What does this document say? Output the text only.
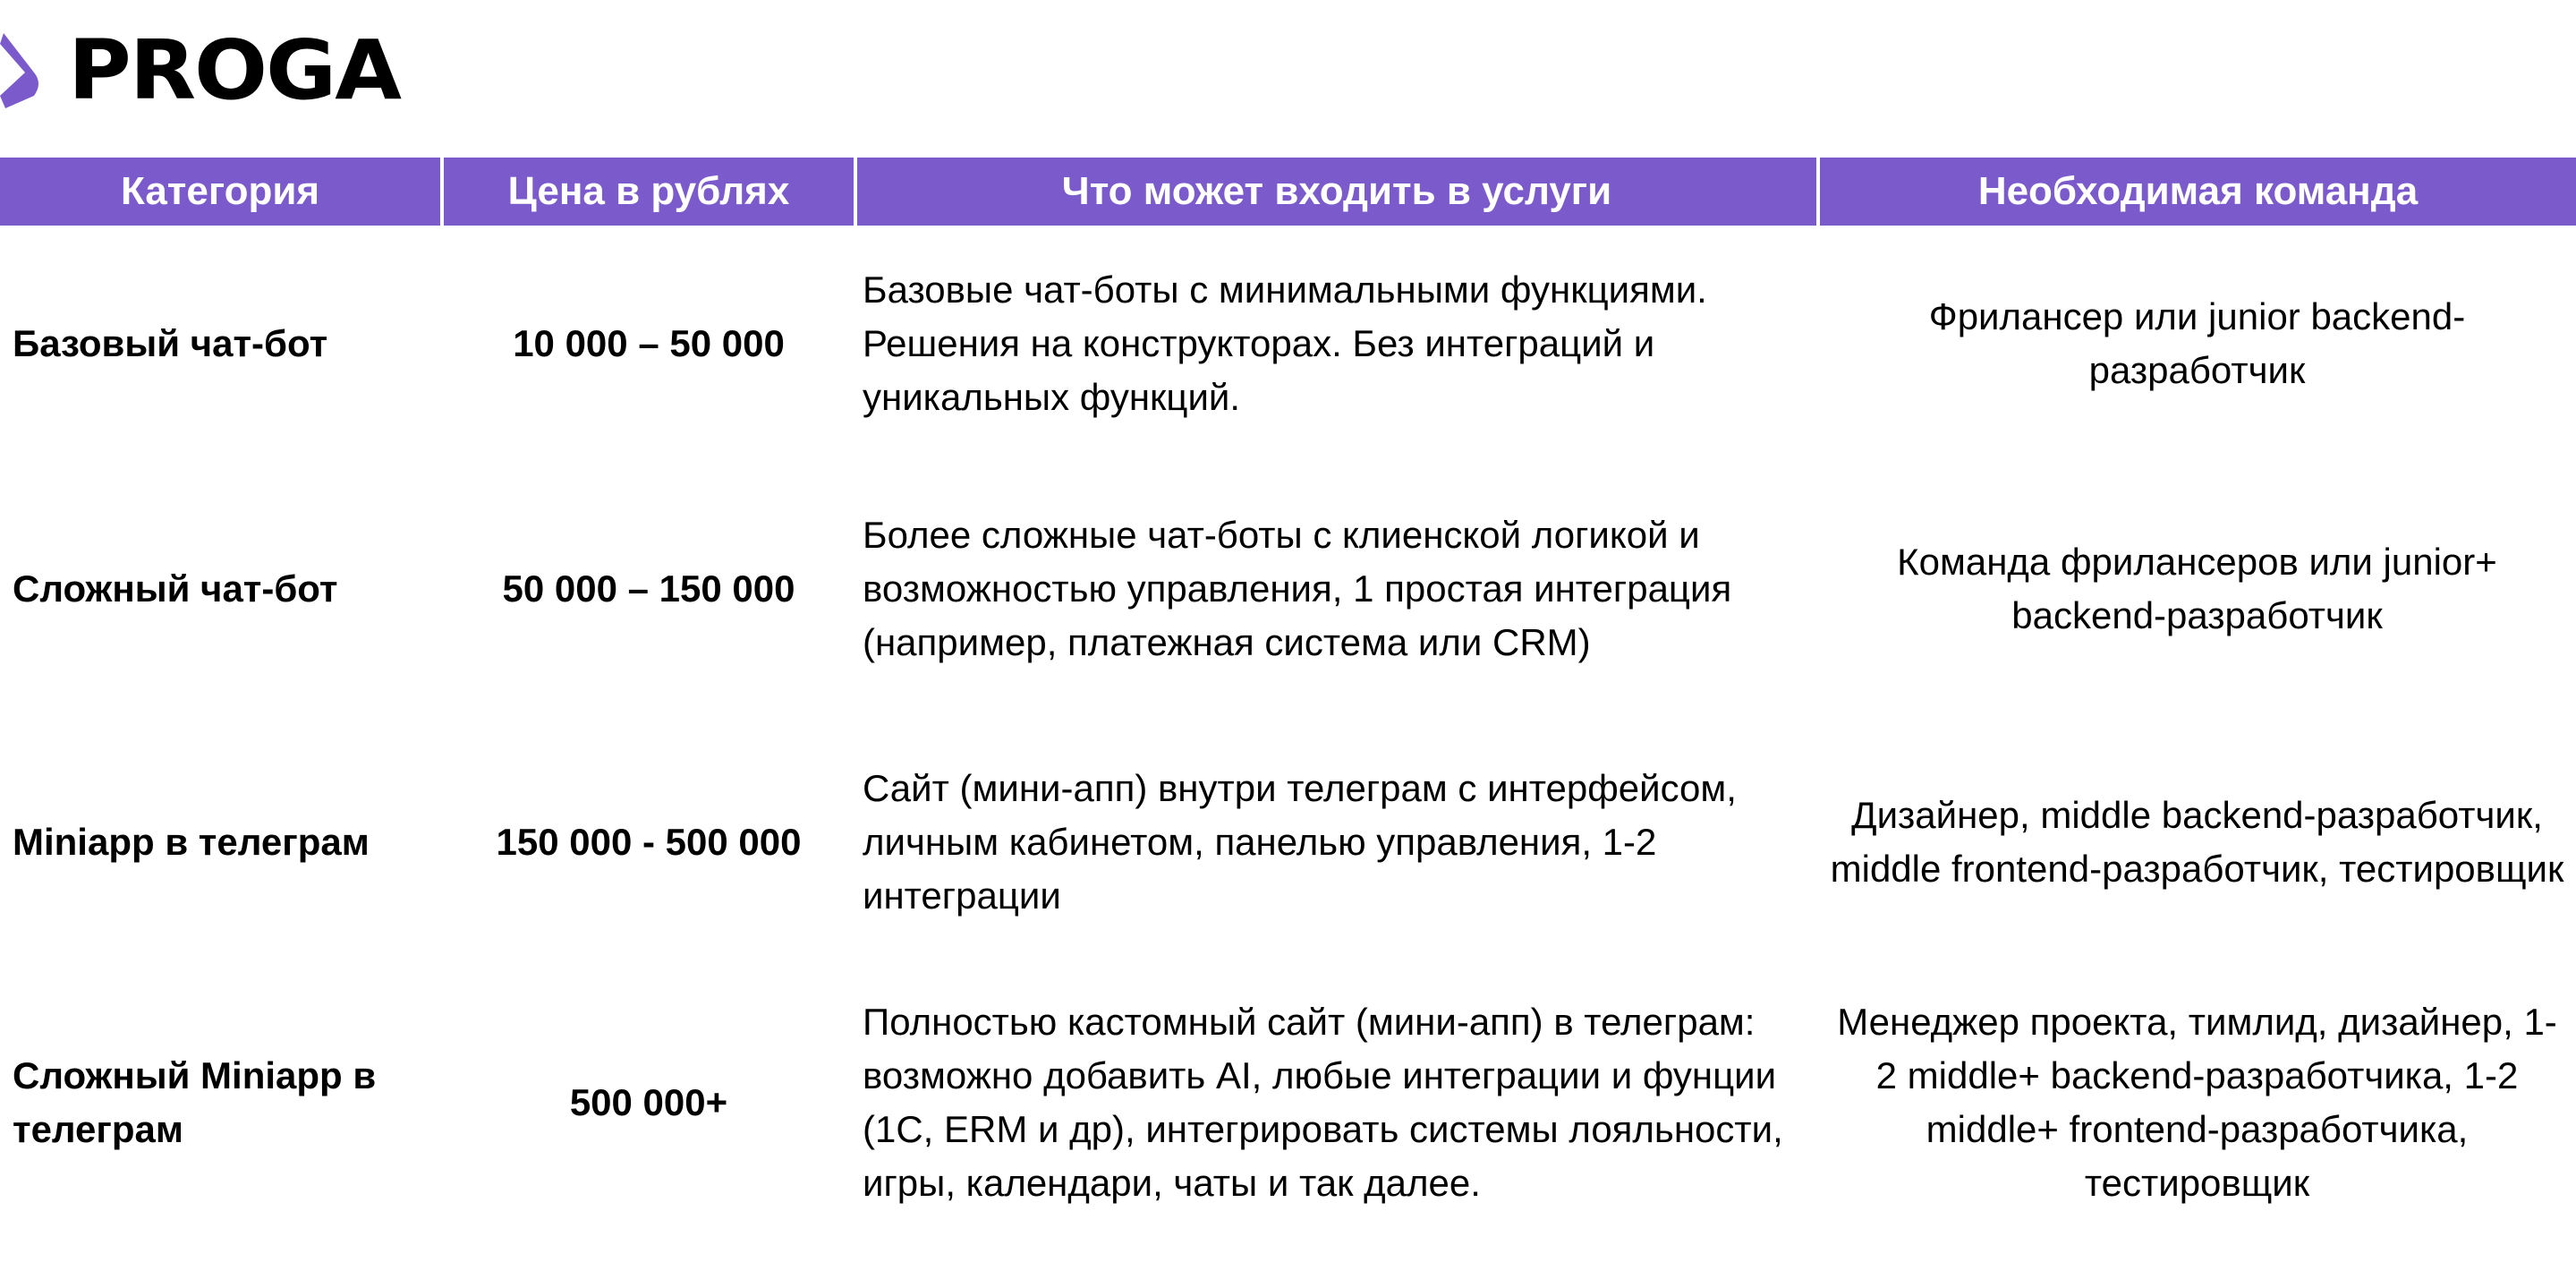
PROGA
Категория	Цена в рублях	Что может входить в услуги	Необходимая команда
Базовый чат-бот	10 000 – 50 000	Базовые чат-боты с минимальными функциями. Решения на конструкторах. Без интеграций и уникальных функций.	Фрилансер или junior backend-разработчик
Сложный чат-бот	50 000 – 150 000	Более сложные чат-боты с клиенской логикой и возможностью управления, 1 простая интеграция (например, платежная система или CRM)	Команда фрилансеров или junior+ backend-разработчик
Miniapp в телеграм	150 000 - 500 000	Сайт (мини-апп) внутри телеграм с интерфейсом, личным кабинетом, панелью управления, 1-2 интеграции	Дизайнер, middle backend-разработчик, middle frontend-разработчик, тестировщик
Сложный Miniapp в телеграм	500 000+	Полностью кастомный сайт (мини-апп) в телеграм: возможно добавить AI, любые интеграции и фунции (1С, ERM и др), интегрировать системы лояльности, игры, календари, чаты и так далее.	Менеджер проекта, тимлид, дизайнер, 1-2 middle+ backend-разработчика, 1-2 middle+ frontend-разработчика, тестировщик
